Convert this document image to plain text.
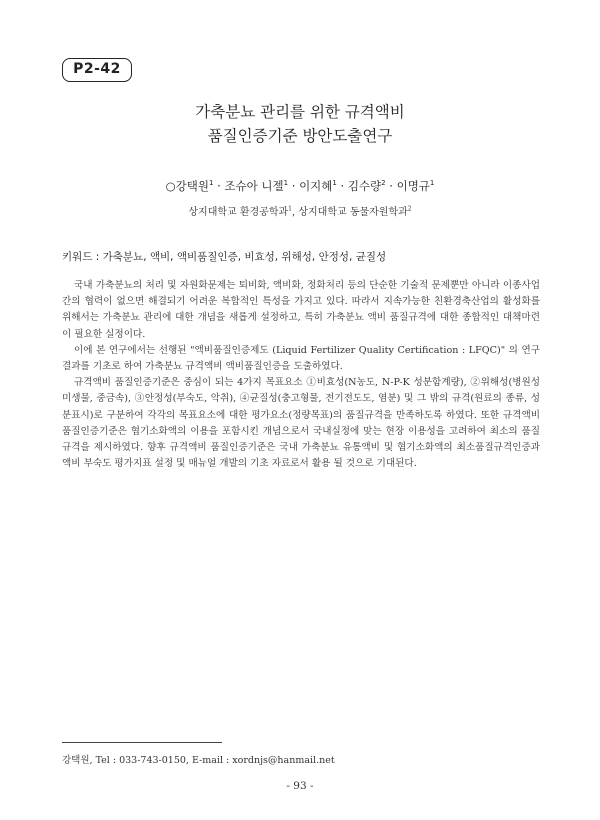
P2-42
가축분뇨 관리를 위한 규격액비
품질인증기준 방안도출연구
○강택원$^1$ · 조슈아 니젤$^1$ · 이지혜$^1$ · 김수량$^2$ · 이명규$^1$
상지대학교 환경공학과$^1$, 상지대학교 동물자원학과$^2$
키워드 : 가축분뇨, 액비, 액비품질인증, 비효성, 위해성, 안정성, 균질성

국내 가축분뇨의 처리 및 자원화문제는 퇴비화, 액비화, 정화처리 등의 단순한 기술적 문제뿐만 아니라 이종사업간의 협력이 없으면 해결되기 어려운 복합적인 특성을 가지고 있다. 따라서 지속가능한 친환경축산업의 활성화를 위해서는 가축분뇨 관리에 대한 개념을 새롭게 설정하고, 특히 가축분뇨 액비 품질규격에 대한 종합적인 대책마련이 필요한 실정이다.

이에 본 연구에서는 선행된 "액비품질인증제도 (Liquid Fertilizer Quality Certification : LFQC)" 의 연구결과를 기초로 하여 가축분뇨 규격액비 액비품질인증을 도출하였다.

규격액비 품질인증기준은 중심이 되는 4가지 목표요소 ①비효성(N농도, N-P-K 성분함계량), ②위해성(병원성미생물, 중금속), ③안정성(부숙도, 악취), ④균질성(충고형물, 전기전도도, 염분) 및 그 밖의 규격(원료의 종류, 성분표시)로 구분하여 각각의 목표요소에 대한 평가요소(정량목표)의 품질규격을 만족하도록 하였다. 또한 규격액비 품질인증기준은 협기소화액의 이용을 포함시킨 개념으로서 국내실정에 맞는 현장 이용성을 고려하여 최소의 품질규격을 제시하였다. 향후 규격액비 품질인증기준은 국내 가축분뇨 유통액비 및 혐기소화액의 최소품질규격인증과 액비 부숙도 평가지표 설정 및 매뉴얼 개발의 기초 자료로서 활용 될 것으로 기대된다.

강택원, Tel : 033-743-0150, E-mail : xordnjs@hanmail.net
- 93 -
